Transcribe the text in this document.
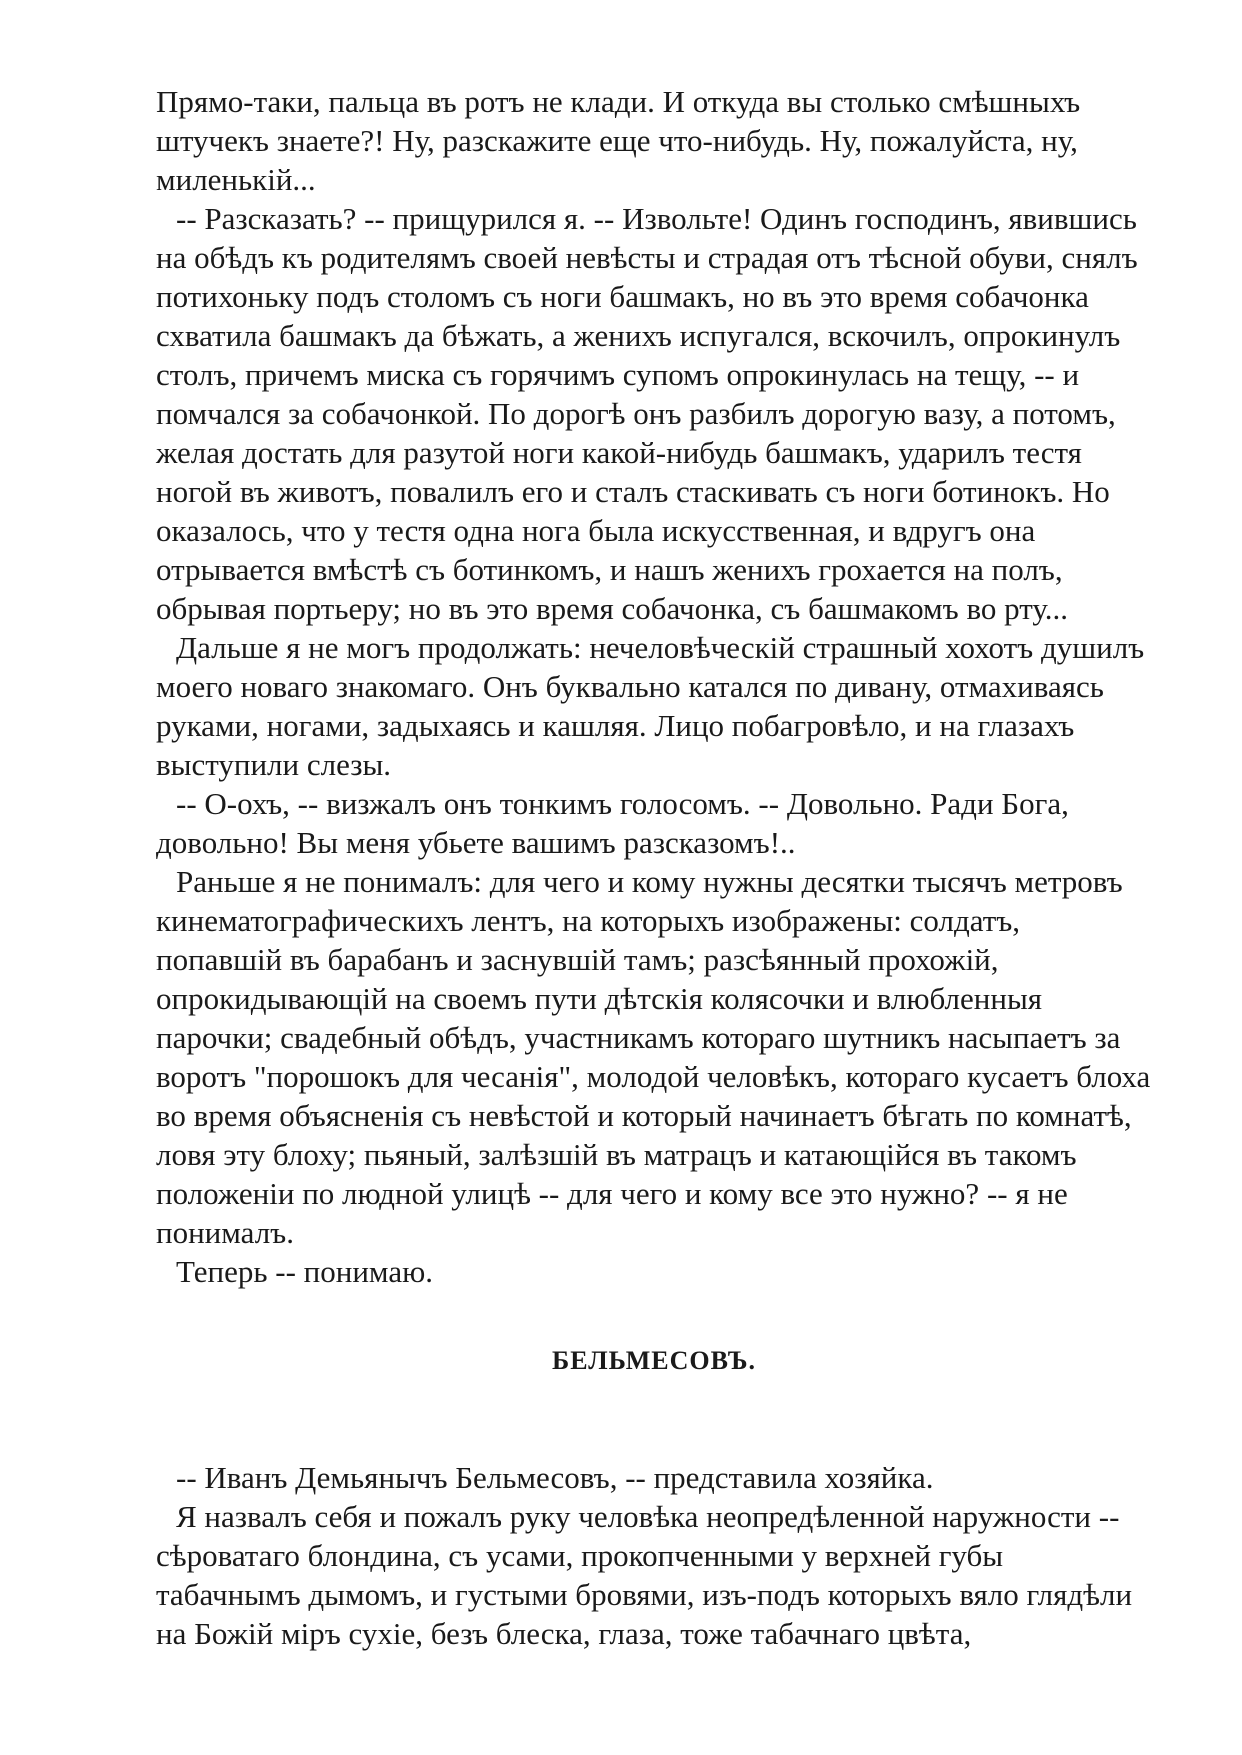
Прямо-таки, пальца въ ротъ не клади. И откуда вы столько смѣшныхъ штучекъ знаете?! Ну, разскажите еще что-нибудь. Ну, пожалуйста, ну, миленькій...

-- Разсказать? -- прищурился я. -- Извольте! Одинъ господинъ, явившись на обѣдъ къ родителямъ своей невѣсты и страдая отъ тѣсной обуви, снялъ потихоньку подъ столомъ съ ноги башмакъ, но въ это время собачонка схватила башмакъ да бѣжать, а женихъ испугался, вскочилъ, опрокинулъ столъ, причемъ миска съ горячимъ супомъ опрокинулась на тещу, -- и помчался за собачонкой. По дорогѣ онъ разбилъ дорогую вазу, а потомъ, желая достать для разутой ноги какой-нибудь башмакъ, ударилъ тестя ногой въ животъ, повалилъ его и сталъ стаскивать съ ноги ботинокъ. Но оказалось, что у тестя одна нога была искусственная, и вдругъ она отрывается вмѣстѣ съ ботинкомъ, и нашъ женихъ грохается на полъ, обрывая портьеру; но въ это время собачонка, съ башмакомъ во рту...

Дальше я не могъ продолжать: нечеловѣческій страшный хохотъ душилъ моего новаго знакомаго. Онъ буквально катался по дивану, отмахиваясь руками, ногами, задыхаясь и кашляя. Лицо побагровѣло, и на глазахъ выступили слезы.

-- О-охъ, -- визжалъ онъ тонкимъ голосомъ. -- Довольно. Ради Бога, довольно! Вы меня убьете вашимъ разсказомъ!..

Раньше я не понималъ: для чего и кому нужны десятки тысячъ метровъ кинематографическихъ лентъ, на которыхъ изображены: солдатъ, попавшій въ барабанъ и заснувшій тамъ; разсѣянный прохожій, опрокидывающій на своемъ пути дѣтскія колясочки и влюбленныя парочки; свадебный обѣдъ, участникамъ котораго шутникъ насыпаетъ за воротъ "порошокъ для чесанія", молодой человѣкъ, котораго кусаетъ блоха во время объясненія съ невѣстой и который начинаетъ бѣгать по комнатѣ, ловя эту блоху; пьяный, залѣзшій въ матрацъ и катающійся въ такомъ положеніи по людной улицѣ -- для чего и кому все это нужно? -- я не понималъ.

Теперь -- понимаю.

БЕЛЬМЕСОВЪ.

-- Иванъ Демьянычъ Бельмесовъ, -- представила хозяйка.

Я назвалъ себя и пожалъ руку человѣка неопредѣленной наружности -- сѣроватаго блондина, съ усами, прокопченными у верхней губы табачнымъ дымомъ, и густыми бровями, изъ-подъ которыхъ вяло глядѣли на Божій міръ сухіе, безъ блеска, глаза, тоже табачнаго цвѣта,
